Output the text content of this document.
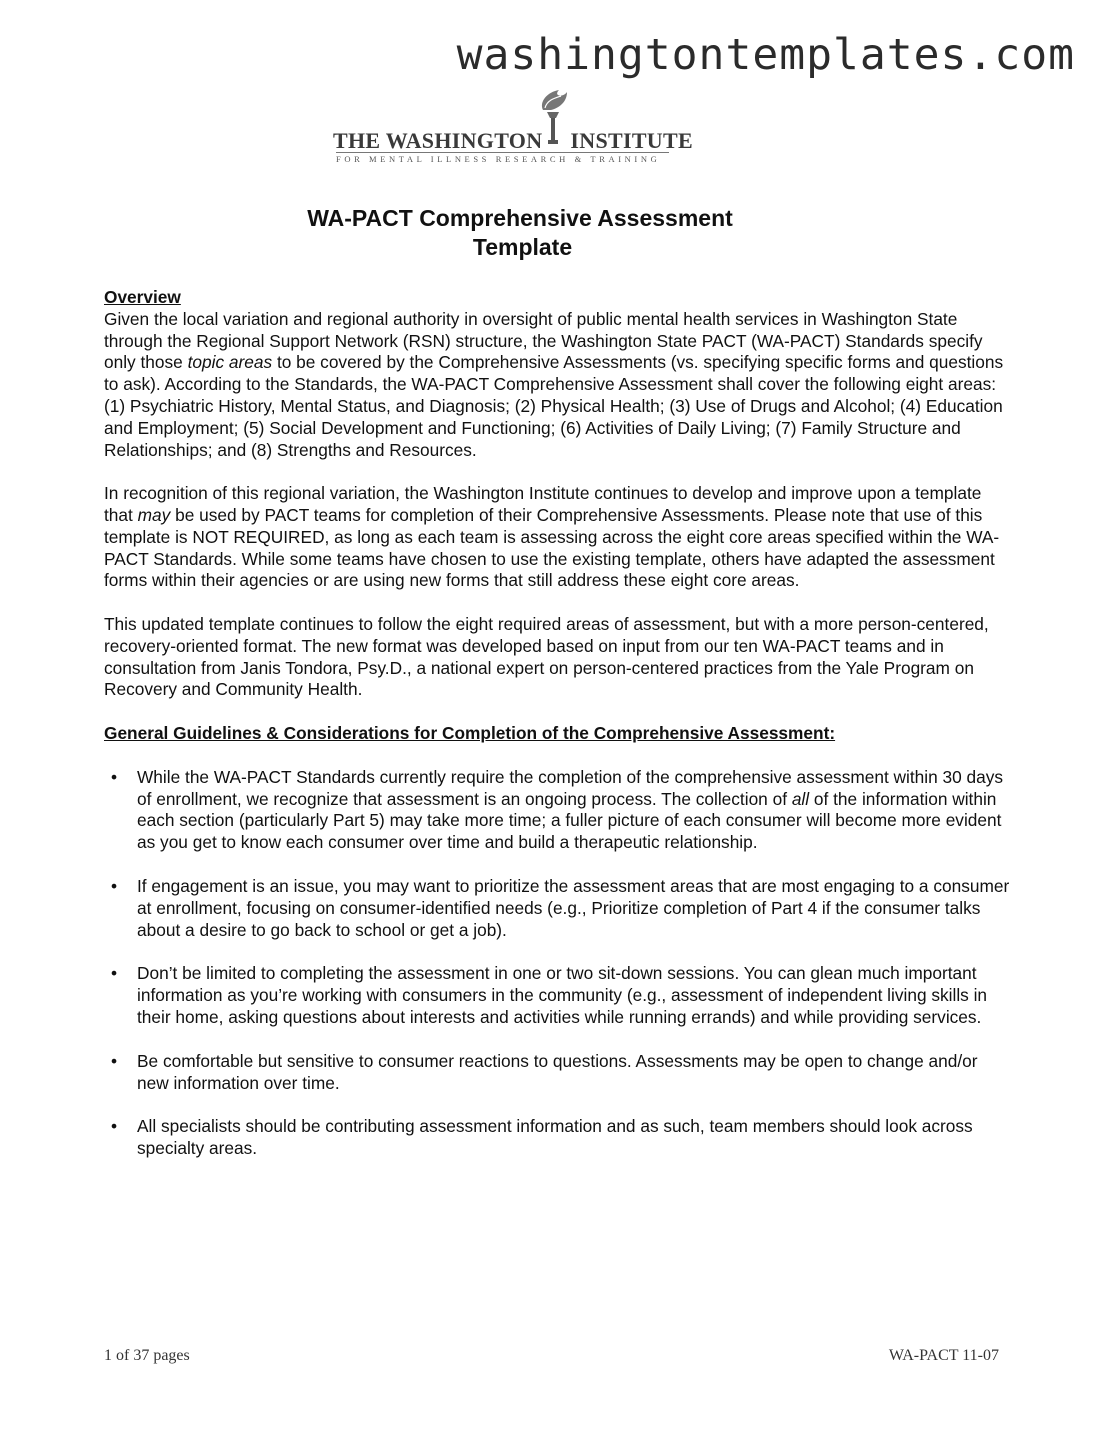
washingtontemplates.com
THE WASHINGTON INSTITUTE
FOR MENTAL ILLNESS RESEARCH & TRAINING
WA-PACT Comprehensive Assessment
Template
Overview

Given the local variation and regional authority in oversight of public mental health services in Washington State through the Regional Support Network (RSN) structure, the Washington State PACT (WA-PACT) Standards specify only those topic areas to be covered by the Comprehensive Assessments (vs. specifying specific forms and questions to ask). According to the Standards, the WA-PACT Comprehensive Assessment shall cover the following eight areas: (1) Psychiatric History, Mental Status, and Diagnosis; (2) Physical Health; (3) Use of Drugs and Alcohol; (4) Education and Employment; (5) Social Development and Functioning; (6) Activities of Daily Living; (7) Family Structure and Relationships; and (8) Strengths and Resources.

In recognition of this regional variation, the Washington Institute continues to develop and improve upon a template that may be used by PACT teams for completion of their Comprehensive Assessments. Please note that use of this template is NOT REQUIRED, as long as each team is assessing across the eight core areas specified within the WA-PACT Standards. While some teams have chosen to use the existing template, others have adapted the assessment forms within their agencies or are using new forms that still address these eight core areas.

This updated template continues to follow the eight required areas of assessment, but with a more person-centered, recovery-oriented format. The new format was developed based on input from our ten WA-PACT teams and in consultation from Janis Tondora, Psy.D., a national expert on person-centered practices from the Yale Program on Recovery and Community Health.

General Guidelines & Considerations for Completion of the Comprehensive Assessment:
• While the WA-PACT Standards currently require the completion of the comprehensive assessment within 30 days of enrollment, we recognize that assessment is an ongoing process. The collection of all of the information within each section (particularly Part 5) may take more time; a fuller picture of each consumer will become more evident as you get to know each consumer over time and build a therapeutic relationship.
• If engagement is an issue, you may want to prioritize the assessment areas that are most engaging to a consumer at enrollment, focusing on consumer-identified needs (e.g., Prioritize completion of Part 4 if the consumer talks about a desire to go back to school or get a job).
• Don’t be limited to completing the assessment in one or two sit-down sessions. You can glean much important information as you’re working with consumers in the community (e.g., assessment of independent living skills in their home, asking questions about interests and activities while running errands) and while providing services.
• Be comfortable but sensitive to consumer reactions to questions. Assessments may be open to change and/or new information over time.
• All specialists should be contributing assessment information and as such, team members should look across specialty areas.
1 of 37 pages	WA-PACT 11-07
